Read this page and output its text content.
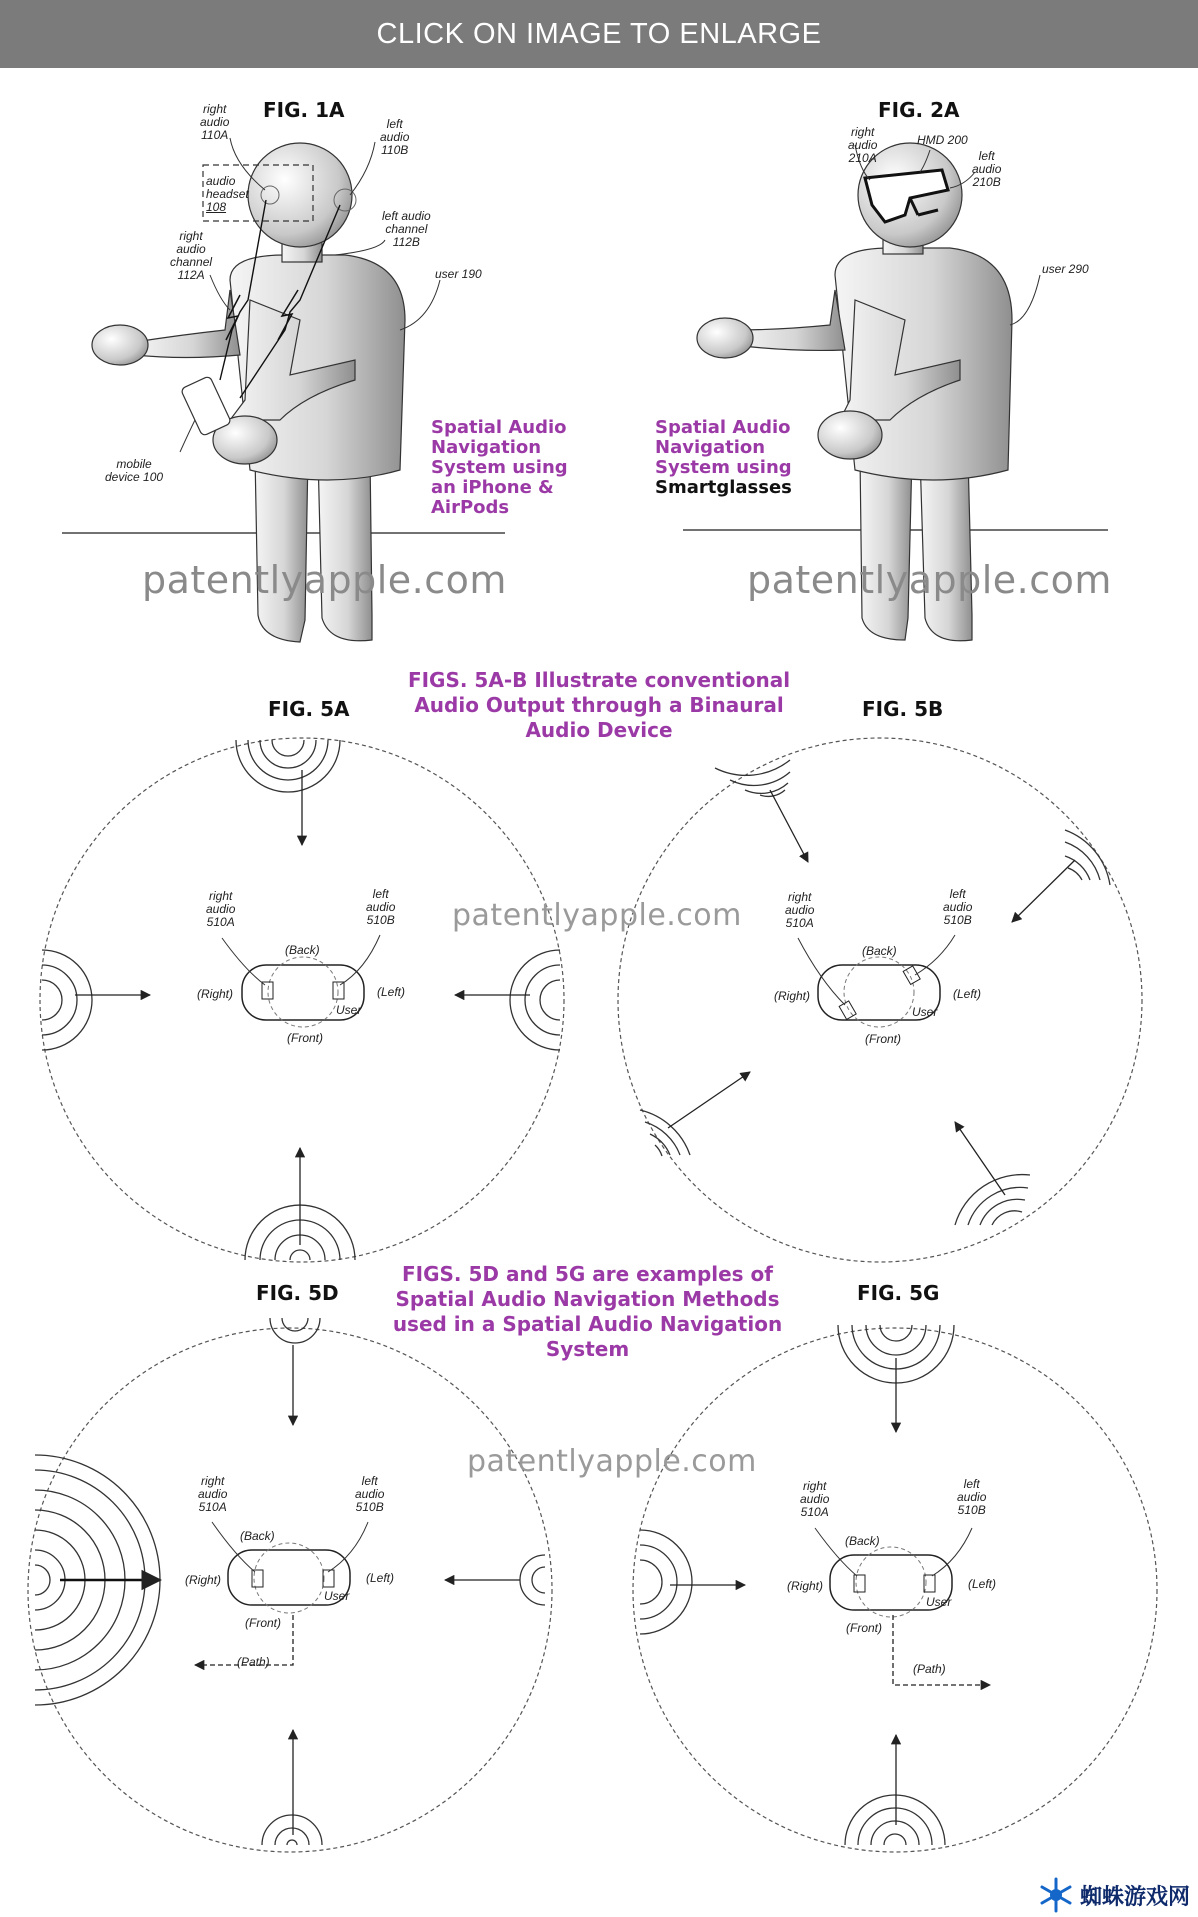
CLICK ON IMAGE TO ENLARGE
FIG. 1A	FIG. 2A
FIG. 5A	FIG. 5B
FIG. 5D	FIG. 5G
Spatial Audio
Navigation
System using
an iPhone &
AirPods
Spatial Audio
Navigation
System using
Smartglasses
FIGS. 5A-B Illustrate conventional
Audio Output through a Binaural
Audio Device
FIGS. 5D and 5G are examples of
Spatial Audio Navigation Methods
used in a Spatial Audio Navigation
System
patentlyapple.com	patentlyapple.com
patentlyapple.com
patentlyapple.com
right
audio
110A
left
audio
110B
audio
headset
108
left audio
channel
112B
right
audio
channel
112A	user 190
mobile
device 100
right
audio
210A
HMD 200
left
audio
210B
user 290
right
audio
510A
left
audio
510B
(Back)
(Right)	(Left)
User
(Front)
right
audio
510A
left
audio
510B
(Back)
(Right)	(Left)
User
(Front)
right
audio
510A
left
audio
510B
(Back)
(Right)	(Left)
User
(Front)
(Path)
right
audio
510A
left
audio
510B
(Back)
(Right)	(Left)
User
(Front)
(Path)
蜘蛛游戏网
